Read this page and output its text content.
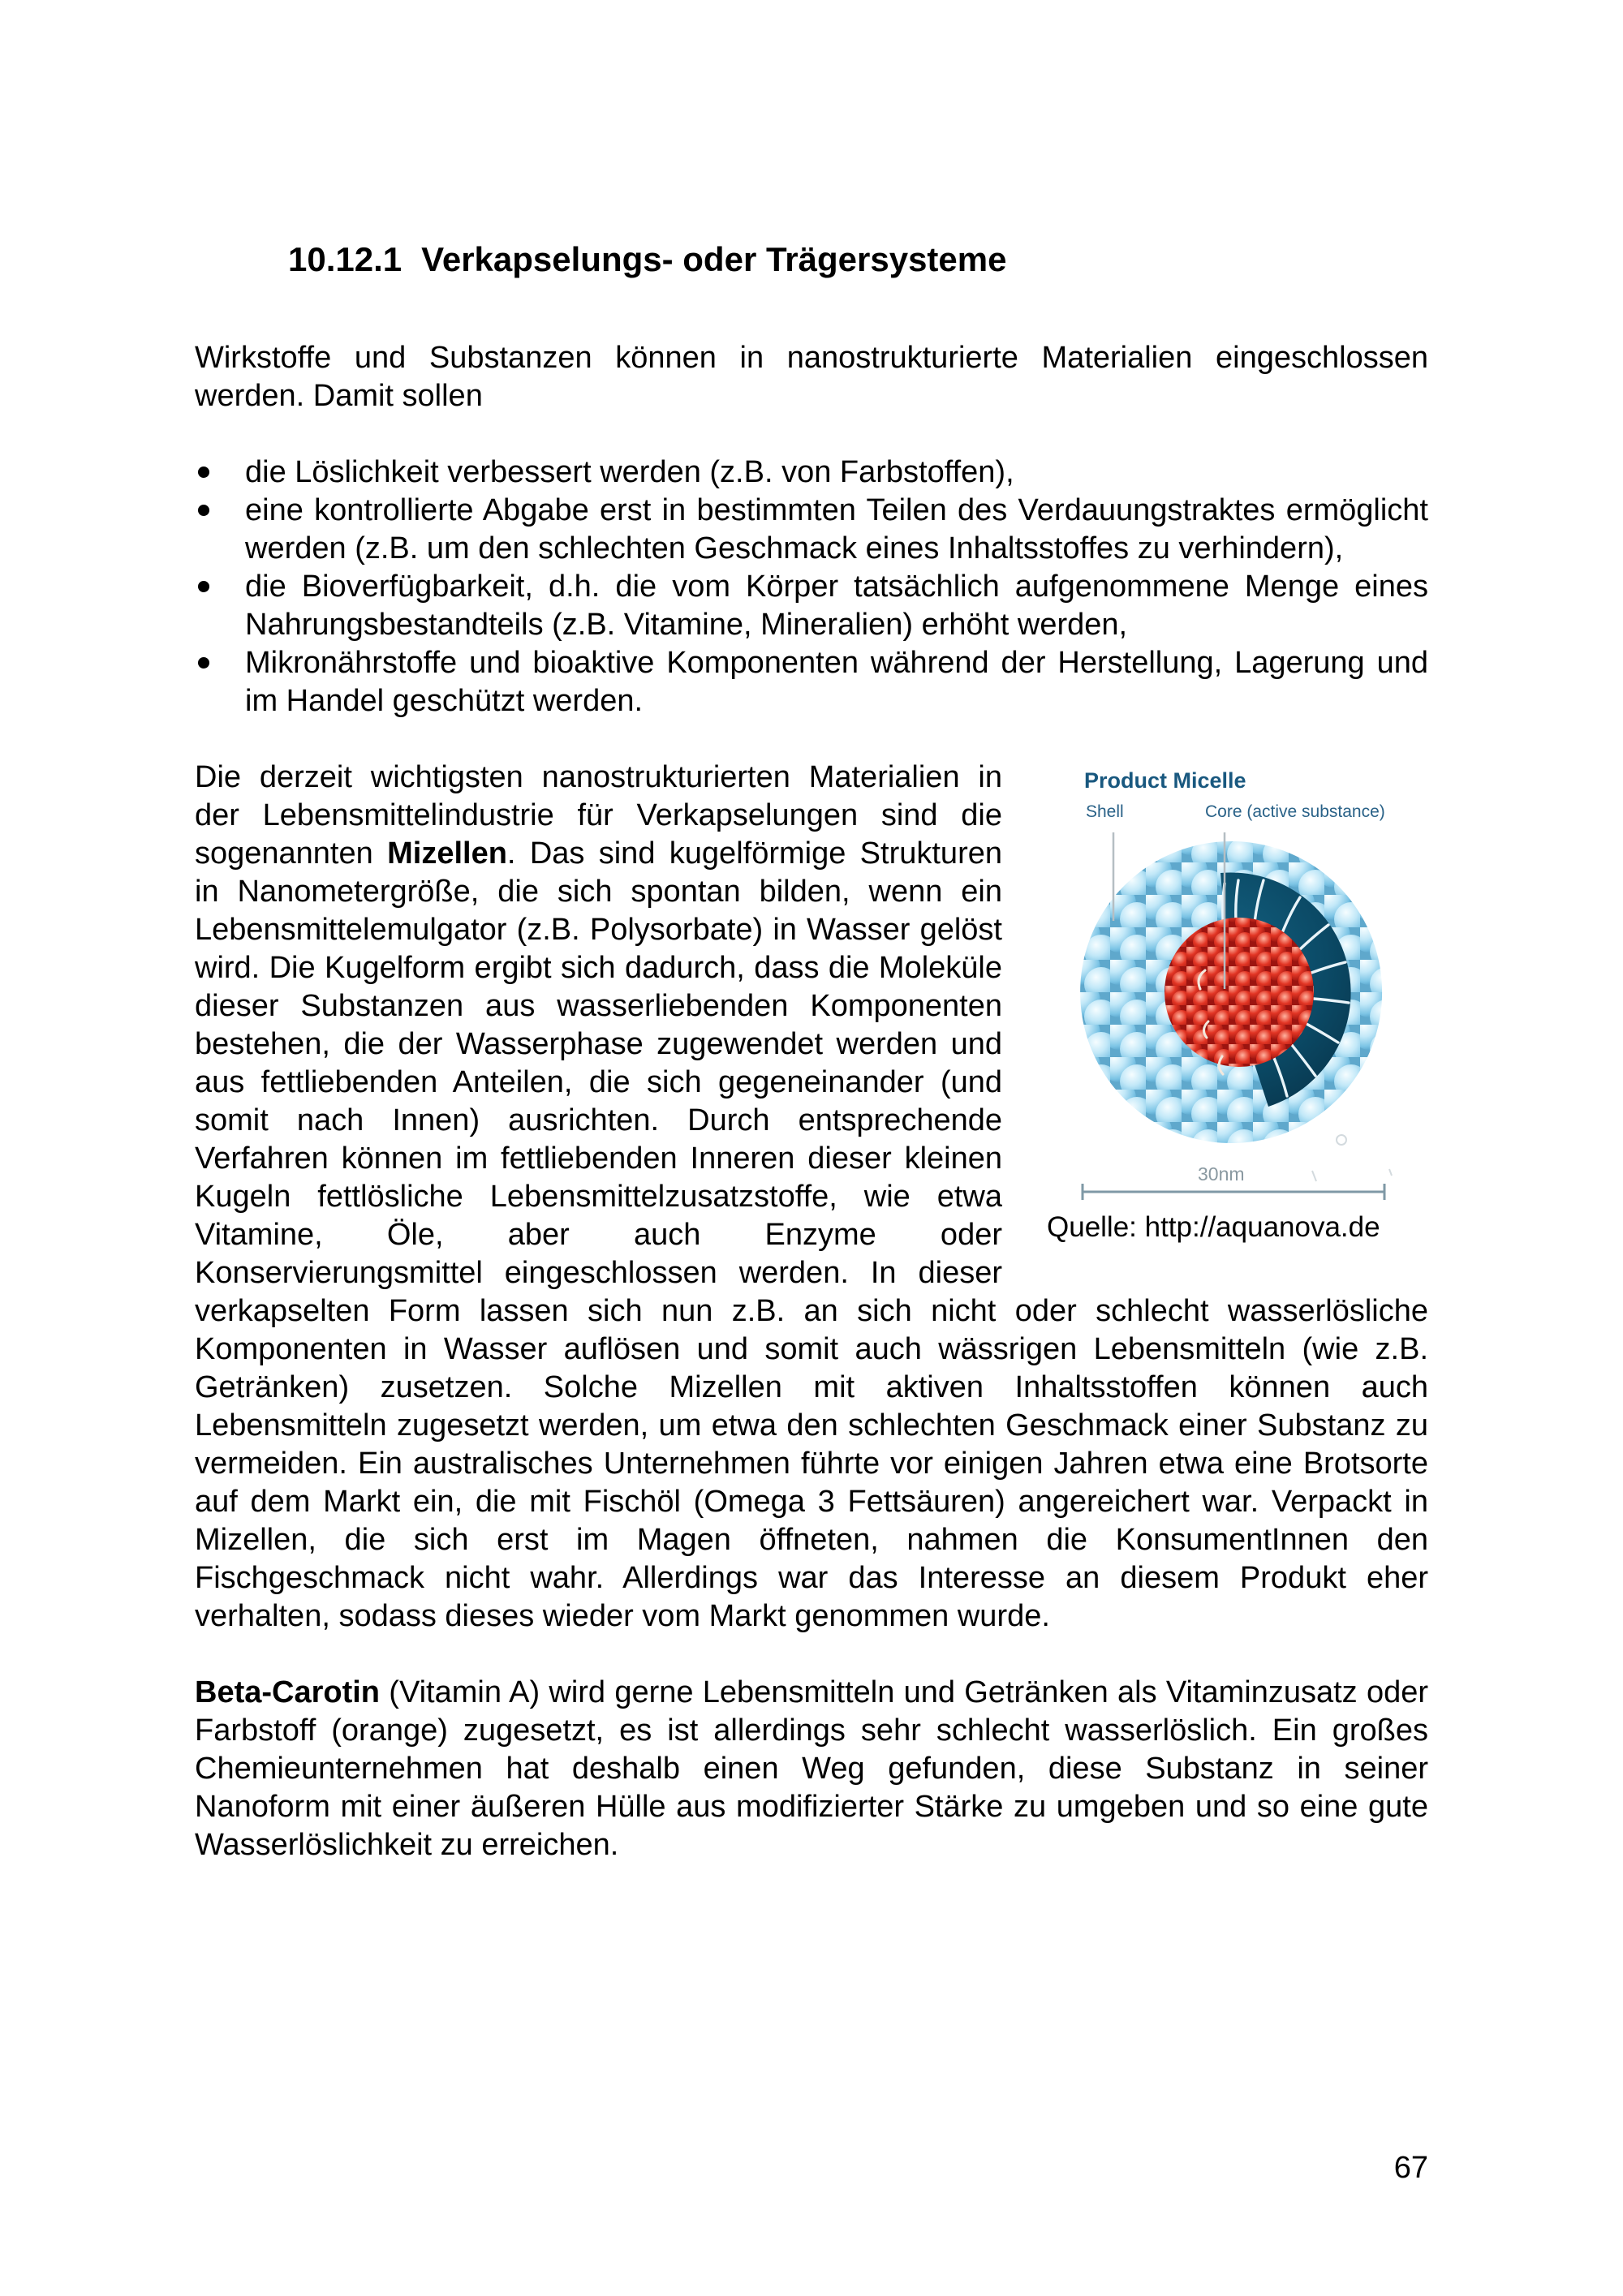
10.12.1 Verkapselungs- oder Trägersysteme

Wirkstoffe und Substanzen können in nanostrukturierte Materialien eingeschlossen werden. Damit sollen

die Löslichkeit verbessert werden (z.B. von Farbstoffen),
eine kontrollierte Abgabe erst in bestimmten Teilen des Verdauungstraktes ermöglicht werden (z.B. um den schlechten Geschmack eines Inhaltsstoffes zu verhindern),
die Bioverfügbarkeit, d.h. die vom Körper tatsächlich aufgenommene Menge eines Nahrungsbestandteils (z.B. Vitamine, Mineralien) erhöht werden,
Mikronährstoffe und bioaktive Komponenten während der Herstellung, Lagerung und im Handel geschützt werden.
Product Micelle
Shell	Core (active substance)
30nm
Quelle: http://aquanova.de

Die derzeit wichtigsten nanostrukturierten Materialien in der Lebensmittelindustrie für Verkapselungen sind die sogenannten Mizellen. Das sind kugelförmige Strukturen in Nanometergröße, die sich spontan bilden, wenn ein Lebensmittelemulgator (z.B. Polysorbate) in Wasser gelöst wird. Die Kugelform ergibt sich dadurch, dass die Moleküle dieser Substanzen aus wasserliebenden Komponenten bestehen, die der Wasserphase zugewendet werden und aus fettliebenden Anteilen, die sich gegeneinander (und somit nach Innen) ausrichten. Durch entsprechende Verfahren können im fettliebenden Inneren dieser kleinen Kugeln fettlösliche Lebensmittelzusatzstoffe, wie etwa Vitamine, Öle, aber auch Enzyme oder Konservierungsmittel eingeschlossen werden. In dieser verkapselten Form lassen sich nun z.B. an sich nicht oder schlecht wasserlösliche Komponenten in Wasser auflösen und somit auch wässrigen Lebensmitteln (wie z.B. Getränken) zusetzen. Solche Mizellen mit aktiven Inhaltsstoffen können auch Lebensmitteln zugesetzt werden, um etwa den schlechten Geschmack einer Substanz zu vermeiden. Ein australisches Unternehmen führte vor einigen Jahren etwa eine Brotsorte auf dem Markt ein, die mit Fischöl (Omega 3 Fettsäuren) angereichert war. Verpackt in Mizellen, die sich erst im Magen öffneten, nahmen die KonsumentInnen den Fischgeschmack nicht wahr. Allerdings war das Interesse an diesem Produkt eher verhalten, sodass dieses wieder vom Markt genommen wurde.

Beta-Carotin (Vitamin A) wird gerne Lebensmitteln und Getränken als Vitaminzusatz oder Farbstoff (orange) zugesetzt, es ist allerdings sehr schlecht wasserlöslich. Ein großes Chemieunternehmen hat deshalb einen Weg gefunden, diese Substanz in seiner Nanoform mit einer äußeren Hülle aus modifizierter Stärke zu umgeben und so eine gute Wasserlöslichkeit zu erreichen.

67
